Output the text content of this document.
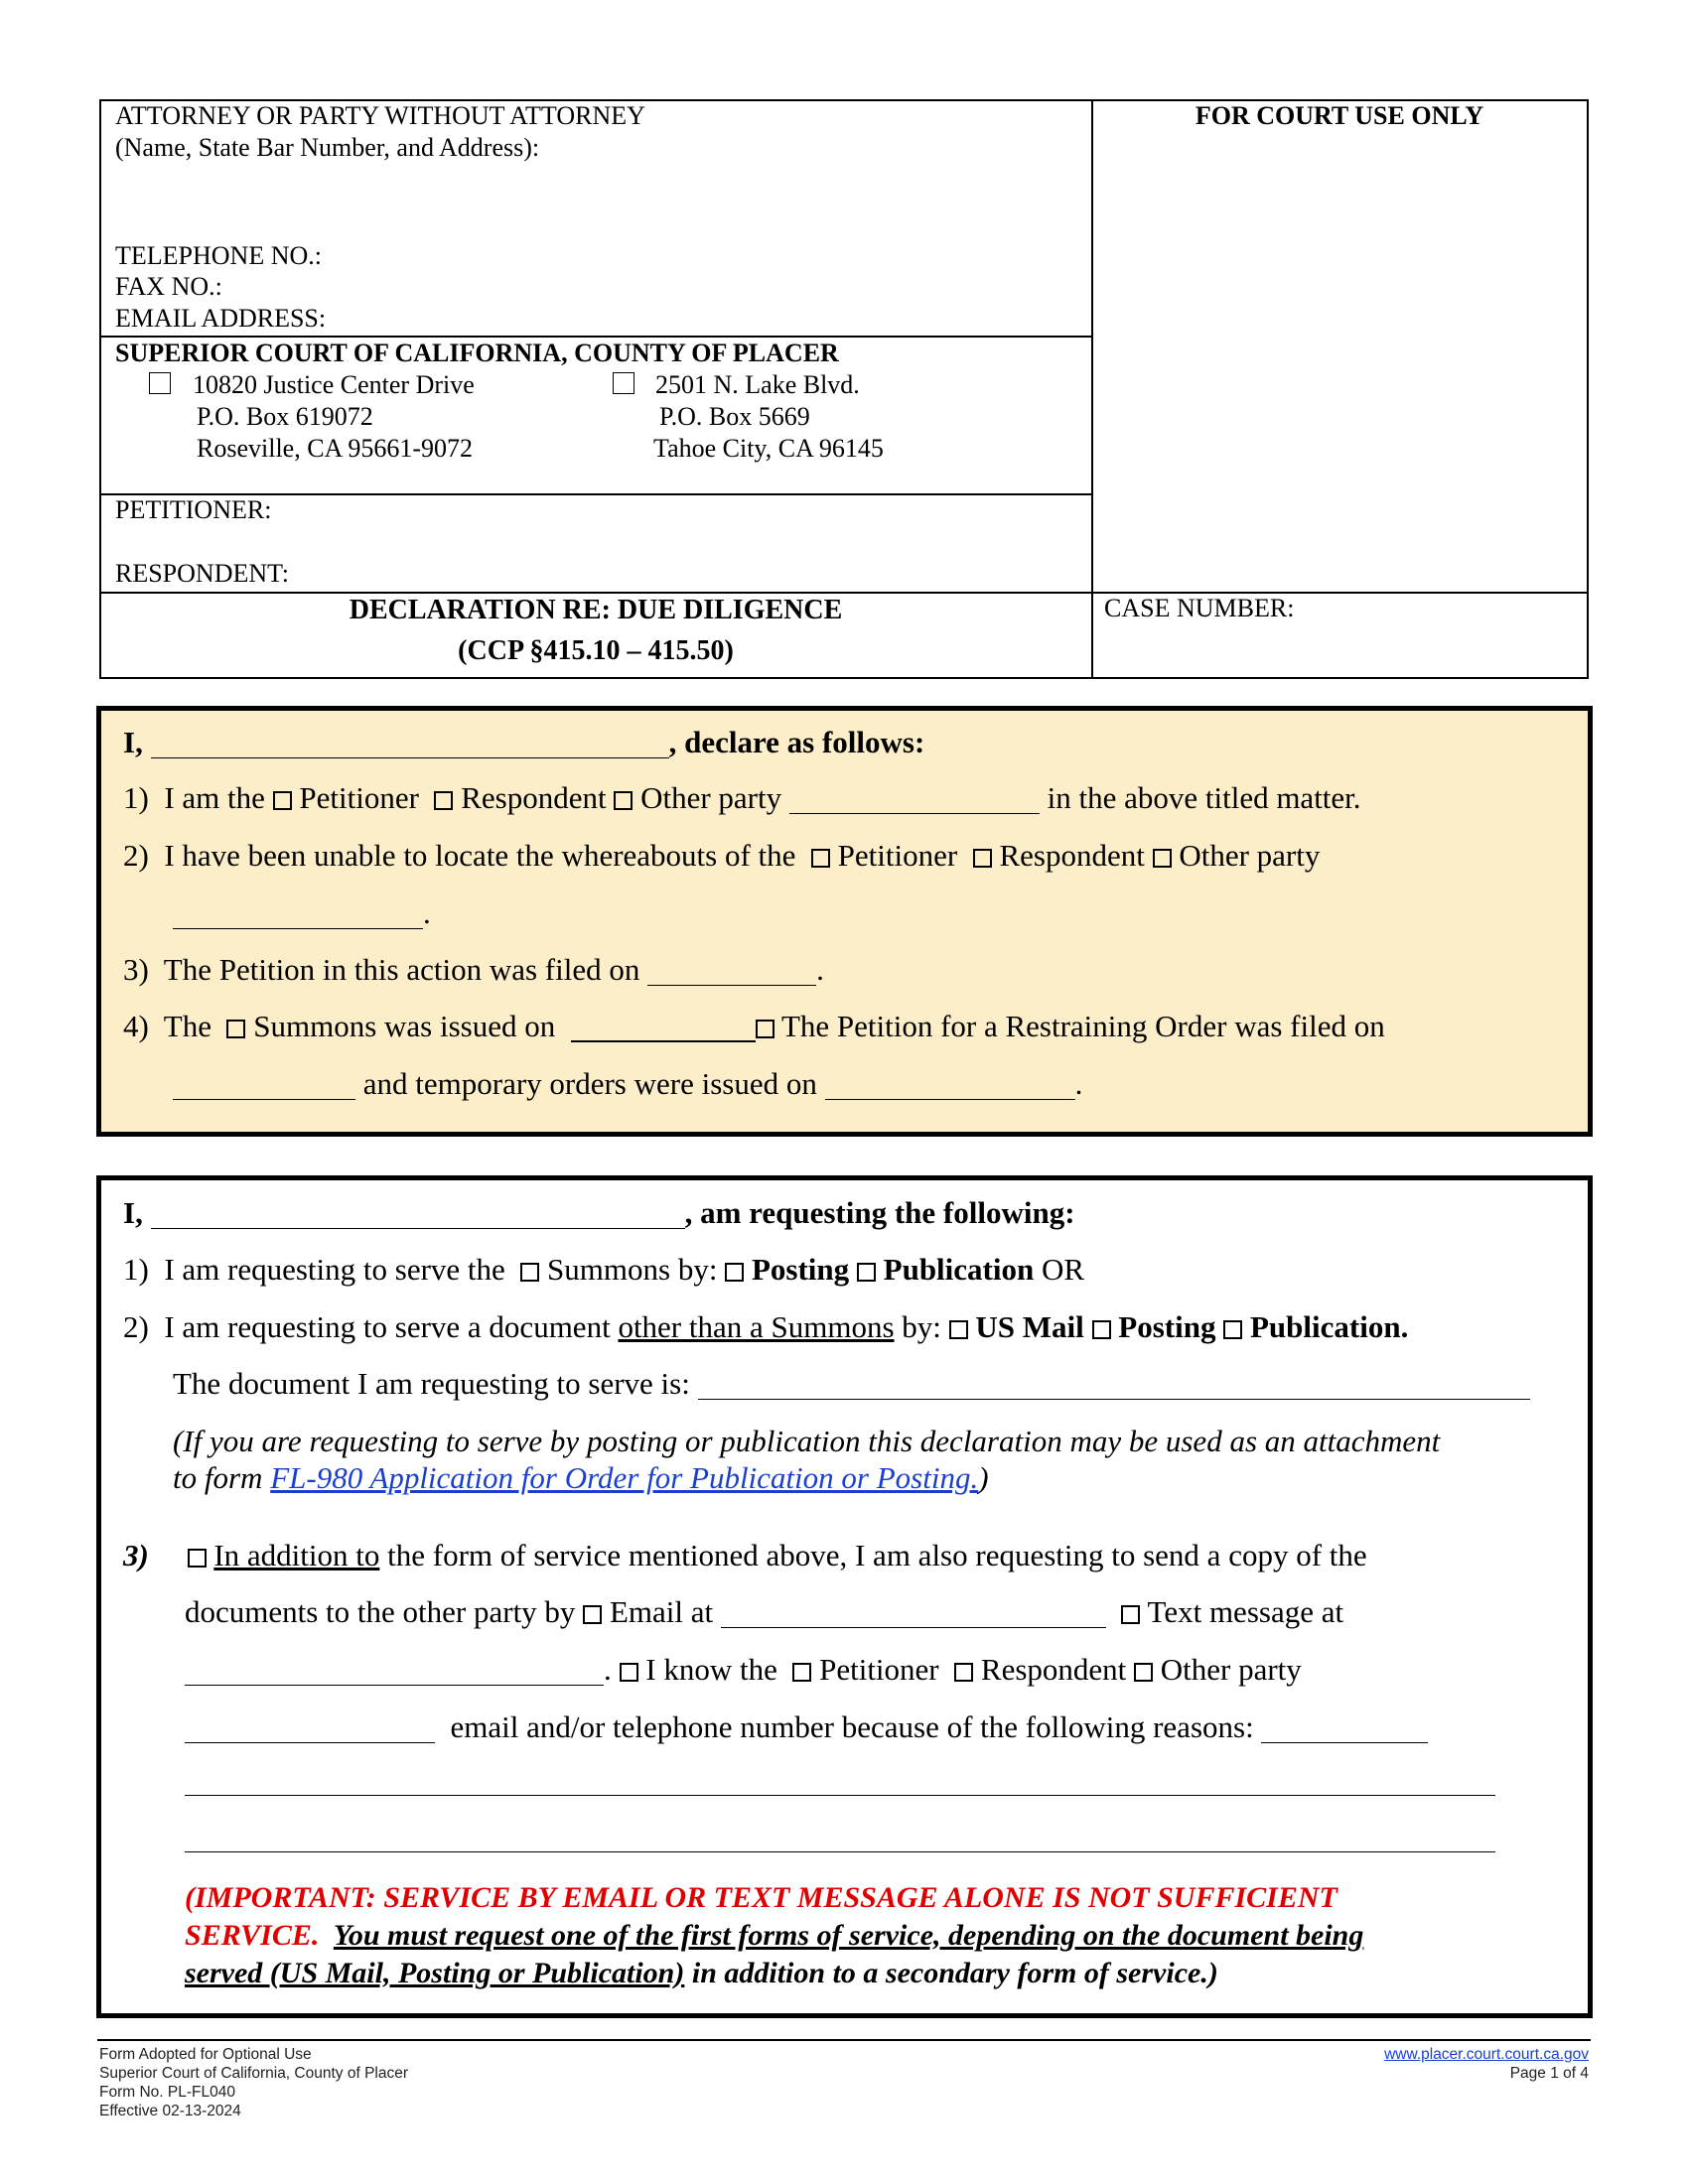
ATTORNEY OR PARTY WITHOUT ATTORNEY
(Name, State Bar Number, and Address):
TELEPHONE NO.:
FAX NO.:
EMAIL ADDRESS:
FOR COURT USE ONLY
SUPERIOR COURT OF CALIFORNIA, COUNTY OF PLACER
10820 Justice Center Drive
P.O. Box 619072
Roseville, CA 95661-9072
2501 N. Lake Blvd.
P.O. Box 5669
Tahoe City, CA 96145
PETITIONER:
RESPONDENT:
DECLARATION RE: DUE DILIGENCE
(CCP §415.10 – 415.50)
CASE NUMBER:
I,	, declare as follows:
1) I am the Petitioner Respondent Other party	in the above titled matter.
2) I have been unable to locate the whereabouts of the Petitioner Respondent Other party
.
3) The Petition in this action was filed on	.
4) The Summons was issued on	The Petition for a Restraining Order was filed on
and temporary orders were issued on	.
I,	, am requesting the following:
1) I am requesting to serve the Summons by: Posting Publication OR
2) I am requesting to serve a document other than a Summons by: US Mail Posting Publication.
The document I am requesting to serve is:
(If you are requesting to serve by posting or publication this declaration may be used as an attachment
to form FL-980 Application for Order for Publication or Posting.)
3) In addition to the form of service mentioned above, I am also requesting to send a copy of the
documents to the other party by Email at	Text message at
.  I know the Petitioner Respondent Other party
email and/or telephone number because of the following reasons:
(IMPORTANT: SERVICE BY EMAIL OR TEXT MESSAGE ALONE IS NOT SUFFICIENT
SERVICE. You must request one of the first forms of service, depending on the document being
served (US Mail, Posting or Publication) in addition to a secondary form of service.)
Form Adopted for Optional Use
Superior Court of California, County of Placer
Form No. PL-FL040
Effective 02-13-2024
www.placer.court.court.ca.gov
Page 1 of 4
